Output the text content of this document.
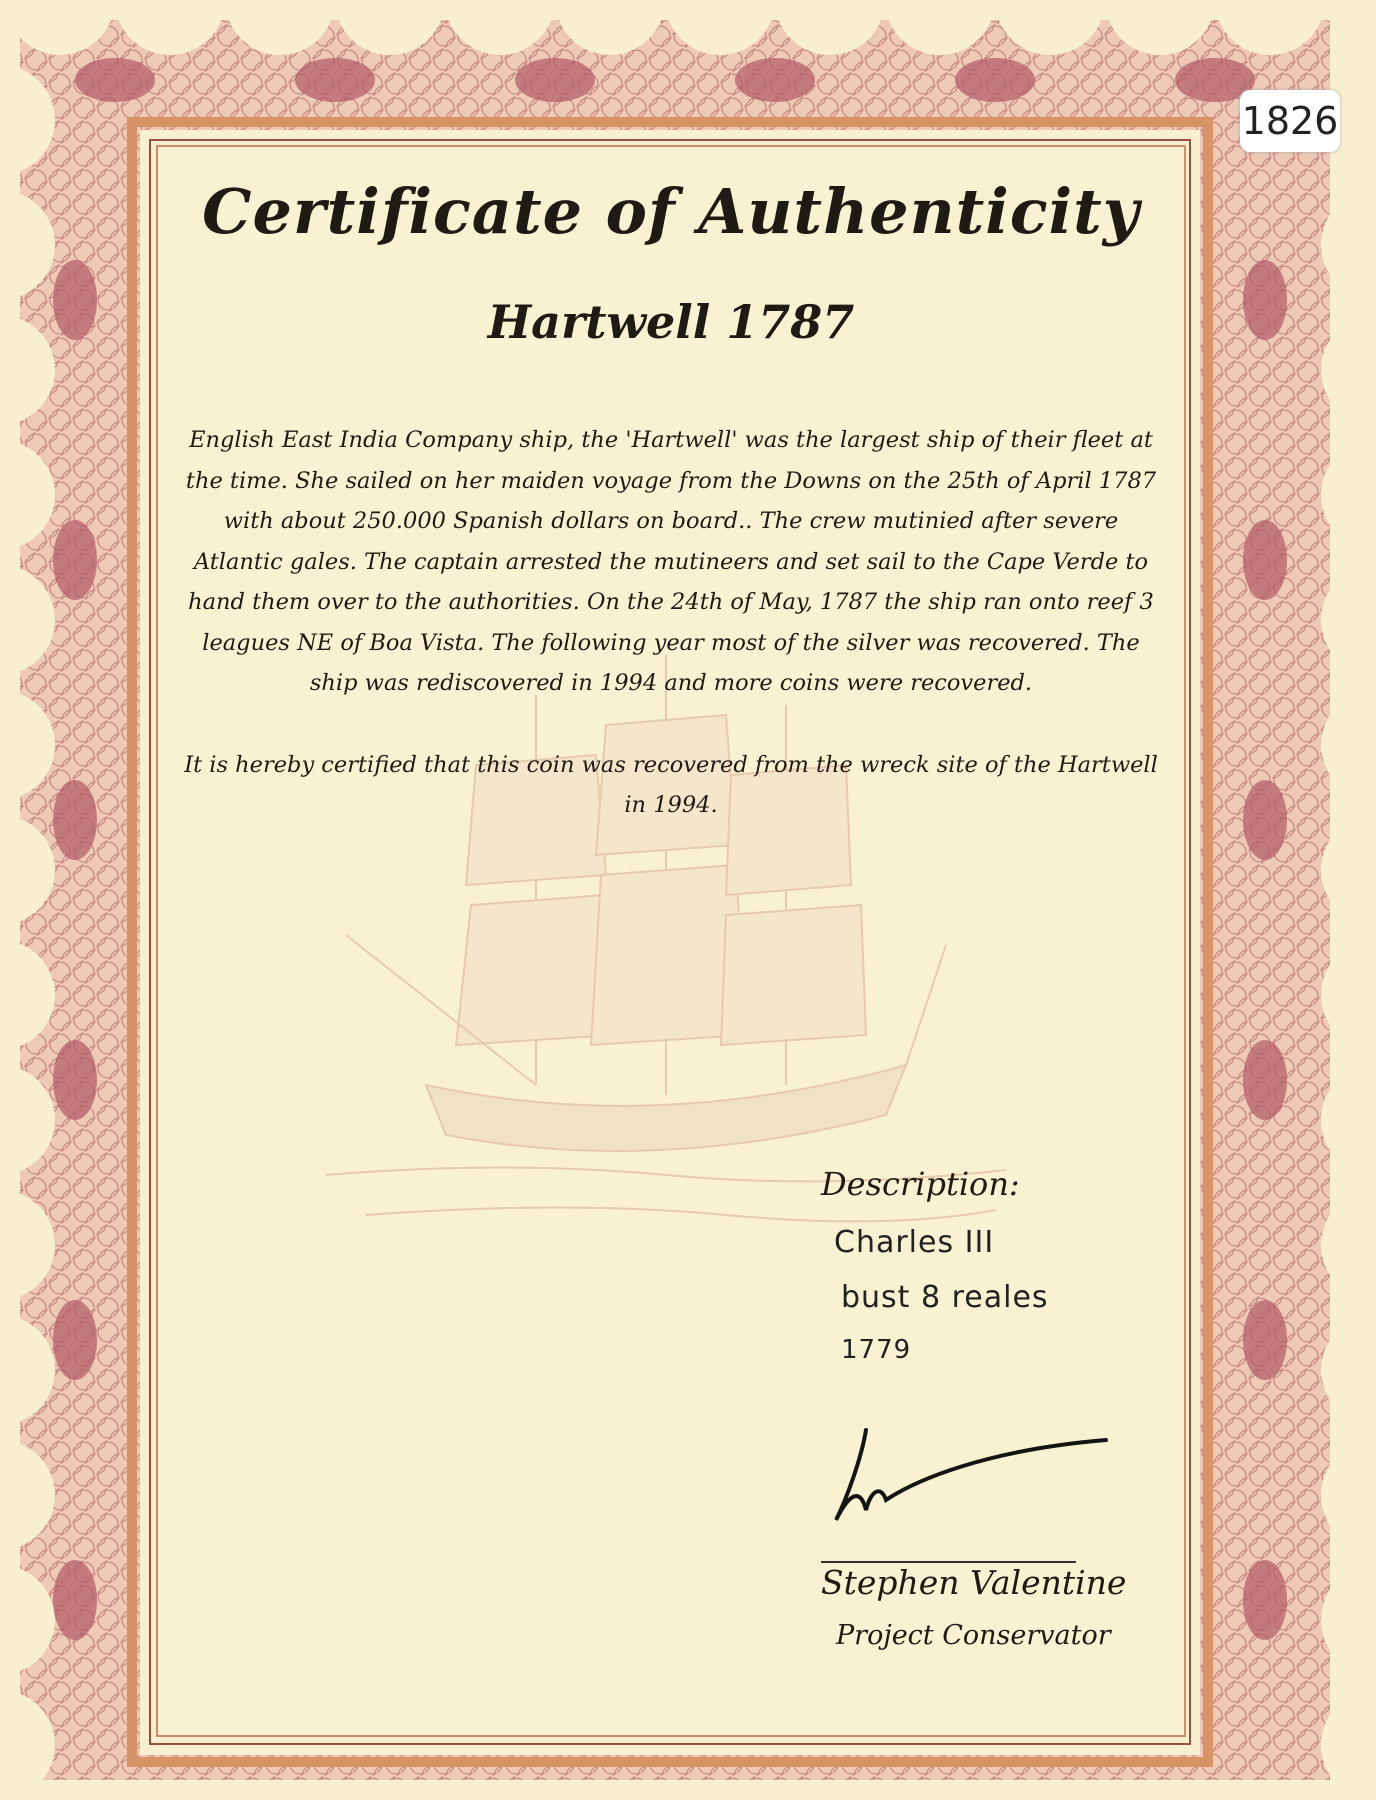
Certificate of Authenticity
Hartwell 1787

English East India Company ship, the 'Hartwell' was the largest ship of their fleet at the time. She sailed on her maiden voyage from the Downs on the 25th of April 1787 with about 250.000 Spanish dollars on board.. The crew mutinied after severe Atlantic gales. The captain arrested the mutineers and set sail to the Cape Verde to hand them over to the authorities. On the 24th of May, 1787 the ship ran onto reef 3 leagues NE of Boa Vista. The following year most of the silver was recovered. The ship was rediscovered in 1994 and more coins were recovered.

It is hereby certified that this coin was recovered from the wreck site of the Hartwell in 1994.

Description:
Charles III
bust 8 reales
1779
Stephen Valentine
Project Conservator
1826
